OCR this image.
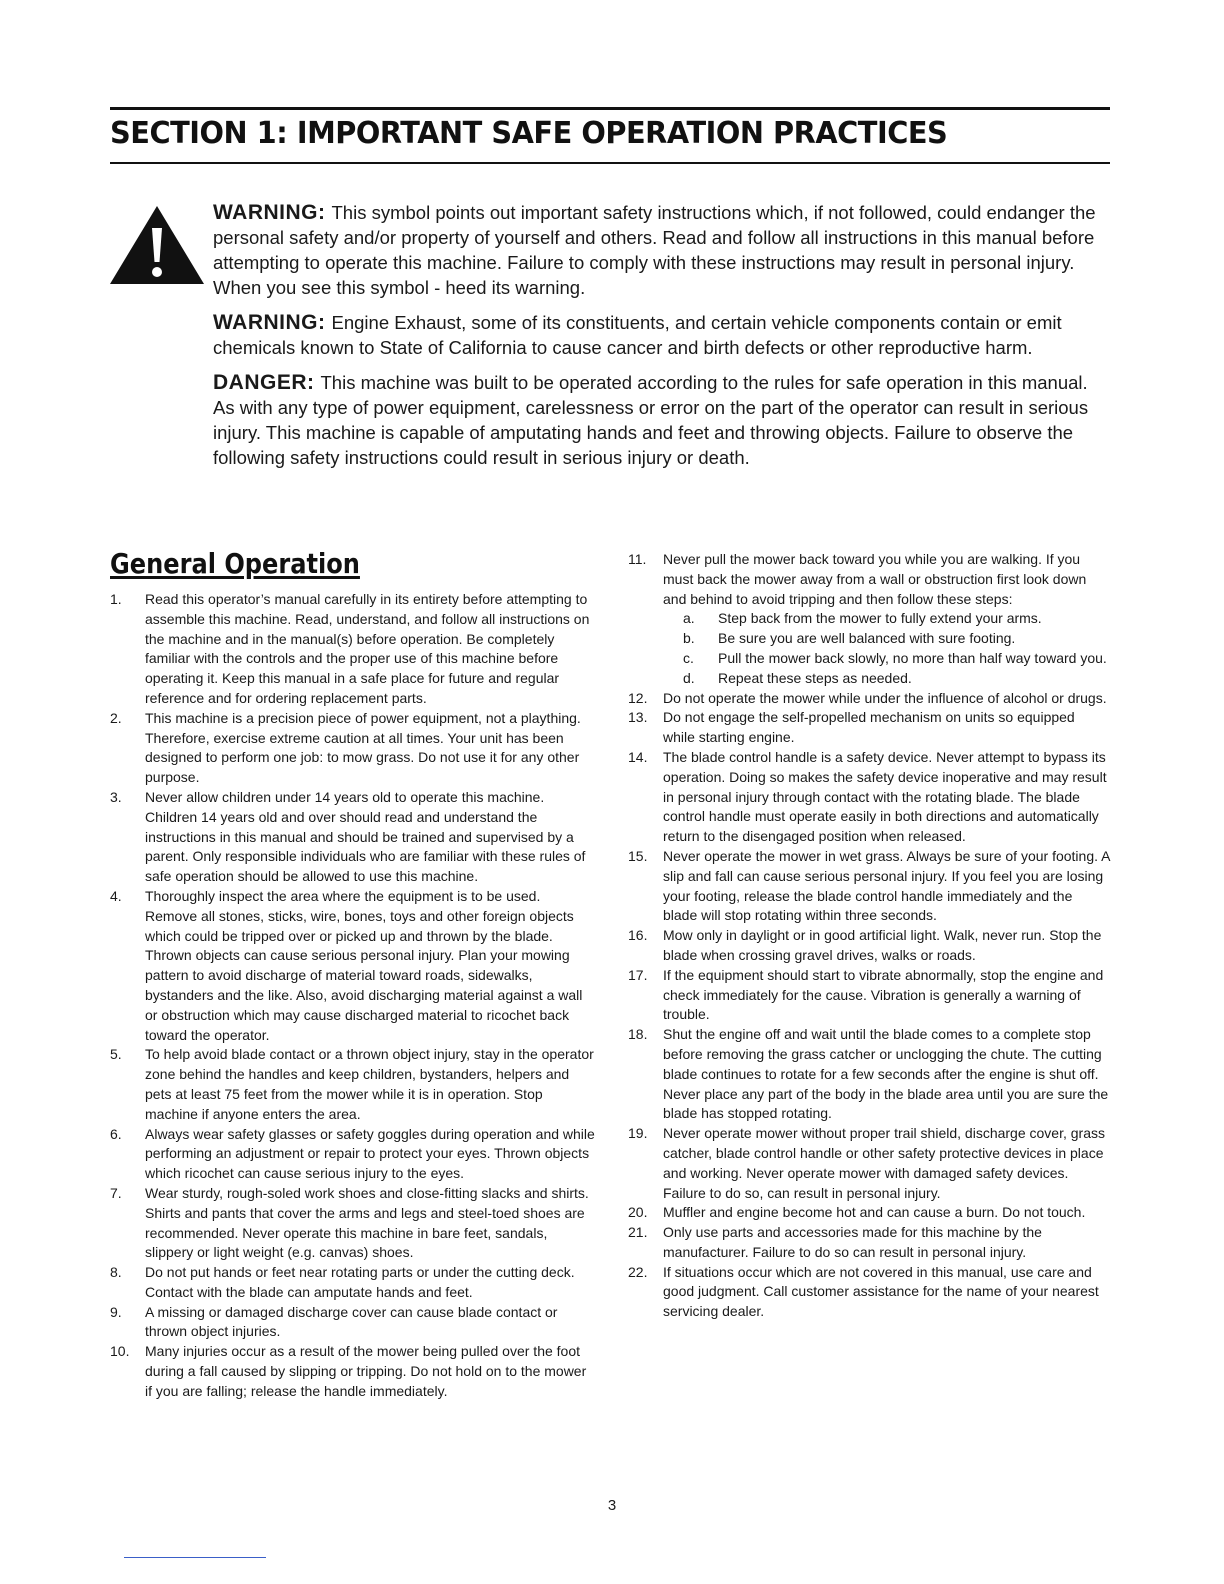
SECTION 1: IMPORTANT SAFE OPERATION PRACTICES

WARNING: This symbol points out important safety instructions which, if not followed, could endanger the personal safety and/or property of yourself and others. Read and follow all instructions in this manual before attempting to operate this machine. Failure to comply with these instructions may result in personal injury. When you see this symbol - heed its warning.

WARNING: Engine Exhaust, some of its constituents, and certain vehicle components contain or emit chemicals known to State of California to cause cancer and birth defects or other reproductive harm.

DANGER: This machine was built to be operated according to the rules for safe operation in this manual. As with any type of power equipment, carelessness or error on the part of the operator can result in serious injury. This machine is capable of amputating hands and feet and throwing objects. Failure to observe the following safety instructions could result in serious injury or death.

General Operation
1. Read this operator’s manual carefully in its entirety before attempting to assemble this machine. Read, understand, and follow all instructions on the machine and in the manual(s) before operation. Be completely familiar with the controls and the proper use of this machine before operating it. Keep this manual in a safe place for future and regular reference and for ordering replacement parts.
2. This machine is a precision piece of power equipment, not a plaything. Therefore, exercise extreme caution at all times. Your unit has been designed to perform one job: to mow grass. Do not use it for any other purpose.
3. Never allow children under 14 years old to operate this machine. Children 14 years old and over should read and understand the instructions in this manual and should be trained and supervised by a parent. Only responsible individuals who are familiar with these rules of safe operation should be allowed to use this machine.
4. Thoroughly inspect the area where the equipment is to be used. Remove all stones, sticks, wire, bones, toys and other foreign objects which could be tripped over or picked up and thrown by the blade. Thrown objects can cause serious personal injury. Plan your mowing pattern to avoid discharge of material toward roads, sidewalks, bystanders and the like. Also, avoid discharging material against a wall or obstruction which may cause discharged material to ricochet back toward the operator.
5. To help avoid blade contact or a thrown object injury, stay in the operator zone behind the handles and keep children, bystanders, helpers and pets at least 75 feet from the mower while it is in operation. Stop machine if anyone enters the area.
6. Always wear safety glasses or safety goggles during operation and while performing an adjustment or repair to protect your eyes. Thrown objects which ricochet can cause serious injury to the eyes.
7. Wear sturdy, rough-soled work shoes and close-fitting slacks and shirts. Shirts and pants that cover the arms and legs and steel-toed shoes are recommended. Never operate this machine in bare feet, sandals, slippery or light weight (e.g. canvas) shoes.
8. Do not put hands or feet near rotating parts or under the cutting deck. Contact with the blade can amputate hands and feet.
9. A missing or damaged discharge cover can cause blade contact or thrown object injuries.
10. Many injuries occur as a result of the mower being pulled over the foot during a fall caused by slipping or tripping. Do not hold on to the mower if you are falling; release the handle immediately.
11. Never pull the mower back toward you while you are walking. If you must back the mower away from a wall or obstruction first look down and behind to avoid tripping and then follow these steps:
a. Step back from the mower to fully extend your arms.
b. Be sure you are well balanced with sure footing.
c. Pull the mower back slowly, no more than half way toward you.
d. Repeat these steps as needed.
12. Do not operate the mower while under the influence of alcohol or drugs.
13. Do not engage the self-propelled mechanism on units so equipped while starting engine.
14. The blade control handle is a safety device. Never attempt to bypass its operation. Doing so makes the safety device inoperative and may result in personal injury through contact with the rotating blade. The blade control handle must operate easily in both directions and automatically return to the disengaged position when released.
15. Never operate the mower in wet grass. Always be sure of your footing. A slip and fall can cause serious personal injury. If you feel you are losing your footing, release the blade control handle immediately and the blade will stop rotating within three seconds.
16. Mow only in daylight or in good artificial light. Walk, never run. Stop the blade when crossing gravel drives, walks or roads.
17. If the equipment should start to vibrate abnormally, stop the engine and check immediately for the cause. Vibration is generally a warning of trouble.
18. Shut the engine off and wait until the blade comes to a complete stop before removing the grass catcher or unclogging the chute. The cutting blade continues to rotate for a few seconds after the engine is shut off. Never place any part of the body in the blade area until you are sure the blade has stopped rotating.
19. Never operate mower without proper trail shield, discharge cover, grass catcher, blade control handle or other safety protective devices in place and working. Never operate mower with damaged safety devices. Failure to do so, can result in personal injury.
20. Muffler and engine become hot and can cause a burn. Do not touch.
21. Only use parts and accessories made for this machine by the manufacturer. Failure to do so can result in personal injury.
22. If situations occur which are not covered in this manual, use care and good judgment. Call customer assistance for the name of your nearest servicing dealer.
3
